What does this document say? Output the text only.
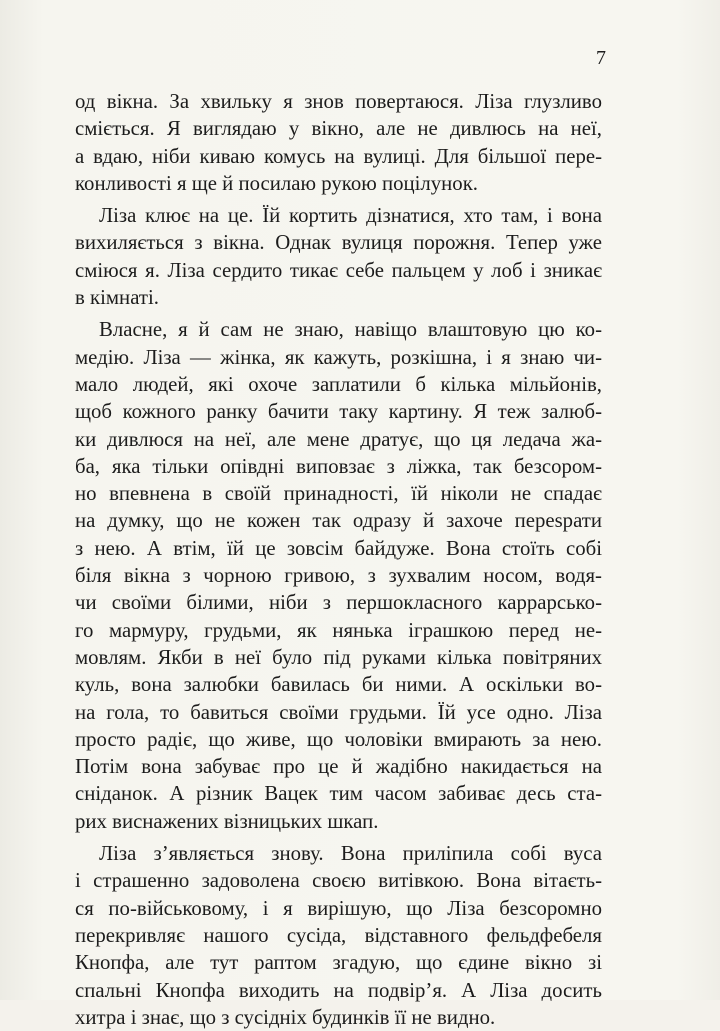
7

од вікна. За хвильку я знов повертаюся. Ліза глузливо
сміється. Я виглядаю у вікно, але не дивлюсь на неї,
а вдаю, ніби киваю комусь на вулиці. Для більшої пере-
конливості я ще й посилаю рукою поцілунок.

Ліза клює на це. Їй кортить дізнатися, хто там, і вона
вихиляється з вікна. Однак вулиця порожня. Тепер уже
сміюся я. Ліза сердито тикає себе пальцем у лоб і зникає
в кімнаті.

Власне, я й сам не знаю, навіщо влаштовую цю ко-
медію. Ліза — жінка, як кажуть, розкішна, і я знаю чи-
мало людей, які охоче заплатили б кілька мільйонів,
щоб кожного ранку бачити таку картину. Я теж залюб-
ки дивлюся на неї, але мене дратує, що ця ледача жа-
ба, яка тільки опівдні виповзає з ліжка, так безсором-
но впевнена в своїй принадності, їй ніколи не спадає
на думку, що не кожен так одразу й захоче перespати
з нею. А втім, їй це зовсім байдуже. Вона стоїть собі
біля вікна з чорною гривою, з зухвалим носом, водя-
чи своїми білими, ніби з першокласного каррарсько-
го мармуру, грудьми, як нянька іграшкою перед не-
мовлям. Якби в неї було під руками кілька повітряних
куль, вона залюбки бавилась би ними. А оскільки во-
на гола, то бавиться своїми грудьми. Їй усе одно. Ліза
просто радіє, що живе, що чоловіки вмирають за нею.
Потім вона забуває про це й жадібно накидається на
сніданок. А різник Вацек тим часом забиває десь ста-
рих виснажених візницьких шкап.

Ліза з’являється знову. Вона приліпила собі вуса
і страшенно задоволена своєю витівкою. Вона вітаєть-
ся по-військовому, і я вирішую, що Ліза безсоромно
перекривляє нашого сусіда, відставного фельдфебеля
Кнопфа, але тут раптом згадую, що єдине вікно зі
спальні Кнопфа виходить на подвір’я. А Ліза досить
хитра і знає, що з сусідніх будинків її не видно.
